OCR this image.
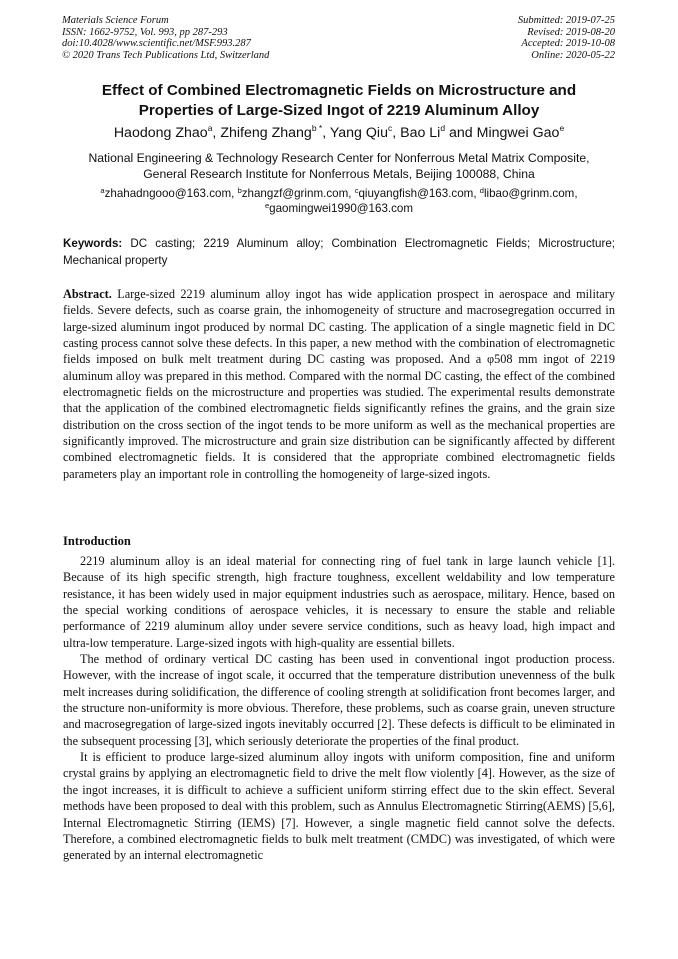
Materials Science Forum
ISSN: 1662-9752, Vol. 993, pp 287-293
doi:10.4028/www.scientific.net/MSF.993.287
© 2020 Trans Tech Publications Ltd, Switzerland
Submitted: 2019-07-25
Revised: 2019-08-20
Accepted: 2019-10-08
Online: 2020-05-22
Effect of Combined Electromagnetic Fields on Microstructure and
Properties of Large-Sized Ingot of 2219 Aluminum Alloy
Haodong Zhao$^a$, Zhifeng Zhang$^{b *}$, Yang Qiu$^c$, Bao Li$^d$ and Mingwei Gao$^e$
National Engineering & Technology Research Center for Nonferrous Metal Matrix Composite,
General Research Institute for Nonferrous Metals, Beijing 100088, China
$^a$zhahadngooo@163.com, $^b$zhangzf@grinm.com, $^c$qiuyangfish@163.com, $^d$libao@grinm.com,
$^e$gaomingwei1990@163.com
Keywords: DC casting; 2219 Aluminum alloy; Combination Electromagnetic Fields; Microstructure; Mechanical property
Abstract. Large-sized 2219 aluminum alloy ingot has wide application prospect in aerospace and military fields. Severe defects, such as coarse grain, the inhomogeneity of structure and macrosegregation occurred in large-sized aluminum ingot produced by normal DC casting. The application of a single magnetic field in DC casting process cannot solve these defects. In this paper, a new method with the combination of electromagnetic fields imposed on bulk melt treatment during DC casting was proposed. And a φ508 mm ingot of 2219 aluminum alloy was prepared in this method. Compared with the normal DC casting, the effect of the combined electromagnetic fields on the microstructure and properties was studied. The experimental results demonstrate that the application of the combined electromagnetic fields significantly refines the grains, and the grain size distribution on the cross section of the ingot tends to be more uniform as well as the mechanical properties are significantly improved. The microstructure and grain size distribution can be significantly affected by different combined electromagnetic fields. It is considered that the appropriate combined electromagnetic fields parameters play an important role in controlling the homogeneity of large-sized ingots.
Introduction

2219 aluminum alloy is an ideal material for connecting ring of fuel tank in large launch vehicle [1]. Because of its high specific strength, high fracture toughness, excellent weldability and low temperature resistance, it has been widely used in major equipment industries such as aerospace, military. Hence, based on the special working conditions of aerospace vehicles, it is necessary to ensure the stable and reliable performance of 2219 aluminum alloy under severe service conditions, such as heavy load, high impact and ultra-low temperature. Large-sized ingots with high-quality are essential billets.

The method of ordinary vertical DC casting has been used in conventional ingot production process. However, with the increase of ingot scale, it occurred that the temperature distribution unevenness of the bulk melt increases during solidification, the difference of cooling strength at solidification front becomes larger, and the structure non-uniformity is more obvious. Therefore, these problems, such as coarse grain, uneven structure and macrosegregation of large-sized ingots inevitably occurred [2]. These defects is difficult to be eliminated in the subsequent processing [3], which seriously deteriorate the properties of the final product.

It is efficient to produce large-sized aluminum alloy ingots with uniform composition, fine and uniform crystal grains by applying an electromagnetic field to drive the melt flow violently [4]. However, as the size of the ingot increases, it is difficult to achieve a sufficient uniform stirring effect due to the skin effect. Several methods have been proposed to deal with this problem, such as Annulus Electromagnetic Stirring(AEMS) [5,6], Internal Electromagnetic Stirring (IEMS) [7]. However, a single magnetic field cannot solve the defects. Therefore, a combined electromagnetic fields to bulk melt treatment (CMDC) was investigated, of which were generated by an internal electromagnetic
